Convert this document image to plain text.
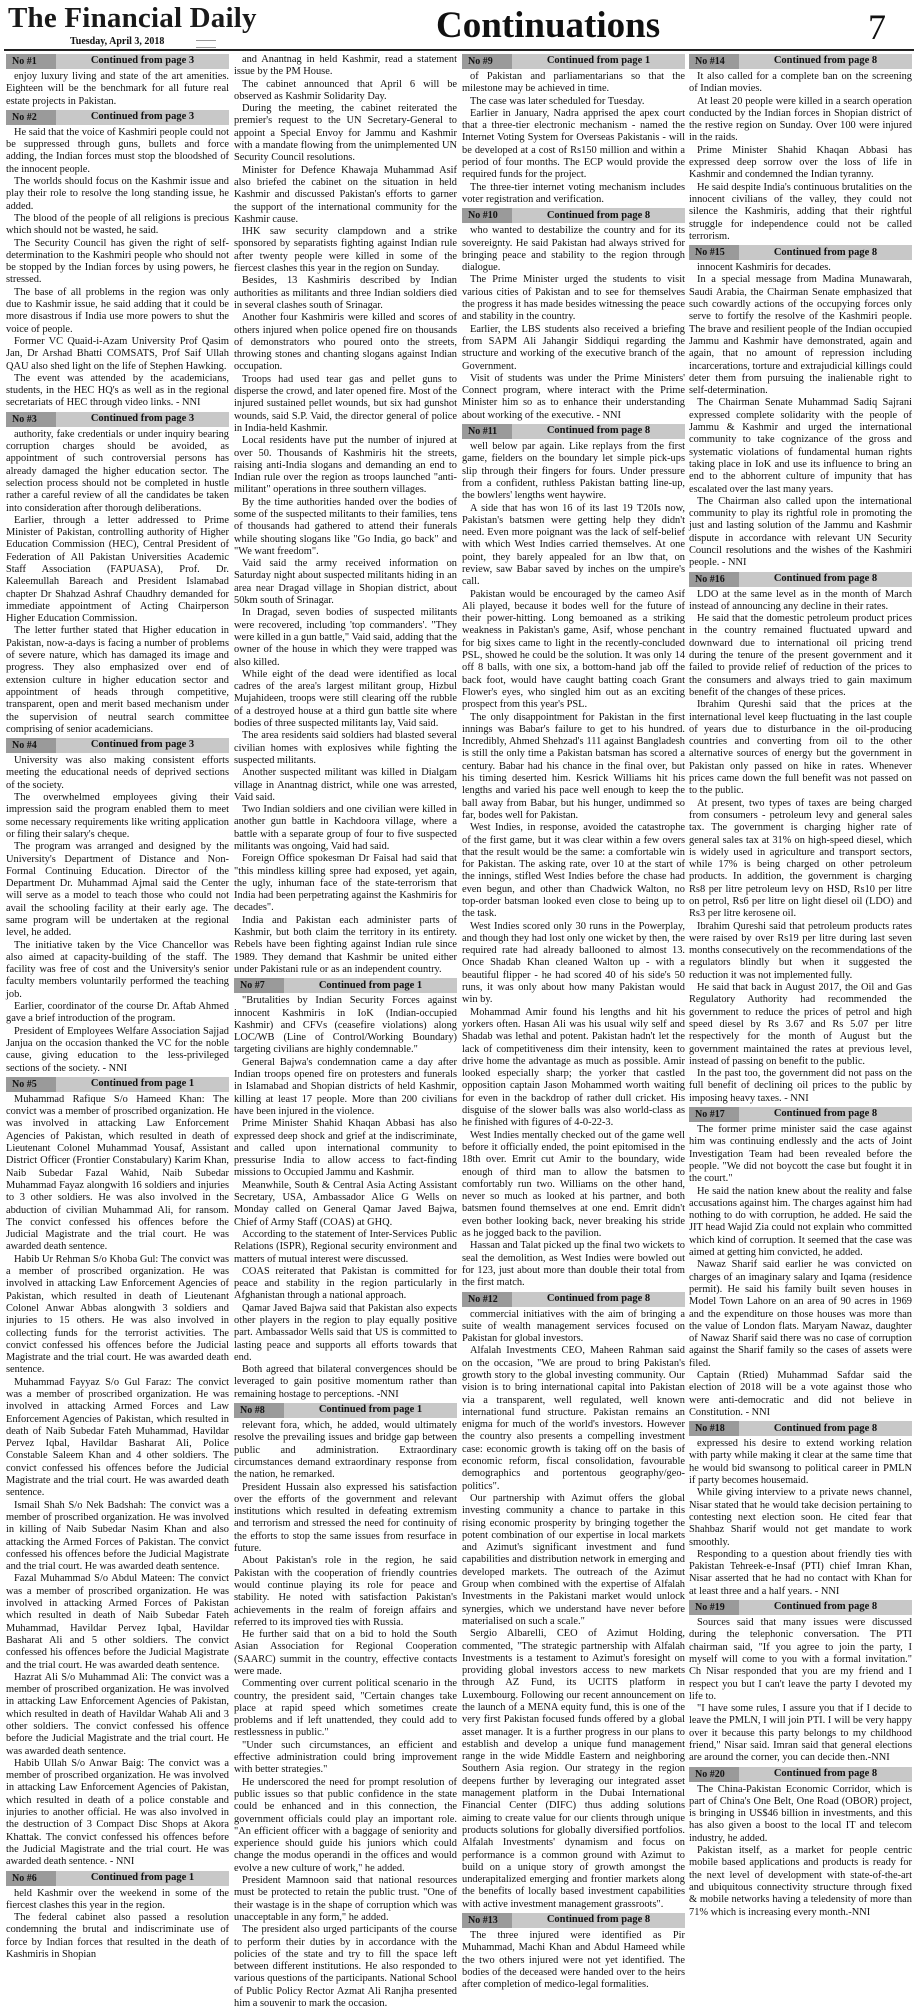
The Financial Daily
Tuesday, April 3, 2018	Continuations	7
No #1	Continued from page 3

enjoy luxury living and state of the art amenities. Eighteen will be the benchmark for all future real estate projects in Pakistan.

No #2	Continued from page 3

He said that the voice of Kashmiri people could not be suppressed through guns, bullets and force adding, the Indian forces must stop the bloodshed of the innocent people.

The worlds should focus on the Kashmir issue and play their role to resolve the long standing issue, he added.

The blood of the people of all religions is precious which should not be wasted, he said.

The Security Council has given the right of self-determination to the Kashmiri people who should not be stopped by the Indian forces by using powers, he stressed.

The base of all problems in the region was only due to Kashmir issue, he said adding that it could be more disastrous if India use more powers to shut the voice of people.

Former VC Quaid-i-Azam University Prof Qasim Jan, Dr Arshad Bhatti COMSATS, Prof Saif Ullah QAU also shed light on the life of Stephen Hawking.

The event was attended by the academicians, students, in the HEC HQ's as well as in the regional secretariats of HEC through video links. - NNI

No #3	Continued from page 3

authority, fake credentials or under inquiry bearing corruption charges should be avoided, as appointment of such controversial persons has already damaged the higher education sector. The selection process should not be completed in hustle rather a careful review of all the candidates be taken into consideration after thorough deliberations.

Earlier, through a letter addressed to Prime Minister of Pakistan, controlling authority of Higher Education Commission (HEC), Central President of Federation of All Pakistan Universities Academic Staff Association (FAPUASA), Prof. Dr. Kaleemullah Bareach and President Islamabad chapter Dr Shahzad Ashraf Chaudhry demanded for immediate appointment of Acting Chairperson Higher Education Commission.

The letter further stated that Higher education in Pakistan, now-a-days is facing a number of problems of severe nature, which has damaged its image and progress. They also emphasized over end of extension culture in higher education sector and appointment of heads through competitive, transparent, open and merit based mechanism under the supervision of neutral search committee comprising of senior academicians.

No #4	Continued from page 3

University was also making consistent efforts meeting the educational needs of deprived sections of the society.

The overwhelmed employees giving their impression said the program enabled them to meet some necessary requirements like writing application or filing their salary's cheque.

The program was arranged and designed by the University's Department of Distance and Non-Formal Continuing Education. Director of the Department Dr. Muhammad Ajmal said the Center will serve as a model to teach those who could not avail the schooling facility at their early age. The same program will be undertaken at the regional level, he added.

The initiative taken by the Vice Chancellor was also aimed at capacity-building of the staff. The facility was free of cost and the University's senior faculty members voluntarily performed the teaching job.

Earlier, coordinator of the course Dr. Aftab Ahmed gave a brief introduction of the program.

President of Employees Welfare Association Sajjad Janjua on the occasion thanked the VC for the noble cause, giving education to the less-privileged sections of the society. - NNI

No #5	Continued from page 1

Muhammad Rafique S/o Hameed Khan: The convict was a member of proscribed organization. He was involved in attacking Law Enforcement Agencies of Pakistan, which resulted in death of Lieutenant Colonel Muhammad Yousaf, Assistant District Officer (Frontier Constabulary) Karim Khan, Naib Subedar Fazal Wahid, Naib Subedar Muhammad Fayaz alongwith 16 soldiers and injuries to 3 other soldiers. He was also involved in the abduction of civilian Muhammad Ali, for ransom. The convict confessed his offences before the Judicial Magistrate and the trial court. He was awarded death sentence.

Habib Ur Rehman S/o Khoba Gul: The convict was a member of proscribed organization. He was involved in attacking Law Enforcement Agencies of Pakistan, which resulted in death of Lieutenant Colonel Anwar Abbas alongwith 3 soldiers and injuries to 15 others. He was also involved in collecting funds for the terrorist activities. The convict confessed his offences before the Judicial Magistrate and the trial court. He was awarded death sentence.

Muhammad Fayyaz S/o Gul Faraz: The convict was a member of proscribed organization. He was involved in attacking Armed Forces and Law Enforcement Agencies of Pakistan, which resulted in death of Naib Subedar Fateh Muhammad, Havildar Pervez Iqbal, Havildar Basharat Ali, Police Constable Saleem Khan and 4 other soldiers. The convict confessed his offences before the Judicial Magistrate and the trial court. He was awarded death sentence.

Ismail Shah S/o Nek Badshah: The convict was a member of proscribed organization. He was involved in killing of Naib Subedar Nasim Khan and also attacking the Armed Forces of Pakistan. The convict confessed his offences before the Judicial Magistrate and the trial court. He was awarded death sentence.

Fazal Muhammad S/o Abdul Mateen: The convict was a member of proscribed organization. He was involved in attacking Armed Forces of Pakistan which resulted in death of Naib Subedar Fateh Muhammad, Havildar Pervez Iqbal, Havildar Basharat Ali and 5 other soldiers. The convict confessed his offences before the Judicial Magistrate and the trial court. He was awarded death sentence.

Hazrat Ali S/o Muhammad Ali: The convict was a member of proscribed organization. He was involved in attacking Law Enforcement Agencies of Pakistan, which resulted in death of Havildar Wahab Ali and 3 other soldiers. The convict confessed his offence before the Judicial Magistrate and the trial court. He was awarded death sentence.

Habib Ullah S/o Anwar Baig: The convict was a member of proscribed organization. He was involved in attacking Law Enforcement Agencies of Pakistan, which resulted in death of a police constable and injuries to another official. He was also involved in the destruction of 3 Compact Disc Shops at Akora Khattak. The convict confessed his offences before the Judicial Magistrate and the trial court. He was awarded death sentence. - NNI

No #6	Continued from page 1

held Kashmir over the weekend in some of the fiercest clashes this year in the region.

The federal cabinet also passed a resolution condemning the brutal and indiscriminate use of force by Indian forces that resulted in the death of Kashmiris in Shopian

and Anantnag in held Kashmir, read a statement issue by the PM House.

The cabinet announced that April 6 will be observed as Kashmir Solidarity Day.

During the meeting, the cabinet reiterated the premier's request to the UN Secretary-General to appoint a Special Envoy for Jammu and Kashmir with a mandate flowing from the unimplemented UN Security Council resolutions.

Minister for Defence Khawaja Muhammad Asif also briefed the cabinet on the situation in held Kashmir and discussed Pakistan's efforts to garner the support of the international community for the Kashmir cause.

IHK saw security clampdown and a strike sponsored by separatists fighting against Indian rule after twenty people were killed in some of the fiercest clashes this year in the region on Sunday.

Besides, 13 Kashmiris described by Indian authorities as militants and three Indian soldiers died in several clashes south of Srinagar.

Another four Kashmiris were killed and scores of others injured when police opened fire on thousands of demonstrators who poured onto the streets, throwing stones and chanting slogans against Indian occupation.

Troops had used tear gas and pellet guns to disperse the crowd, and later opened fire. Most of the injured sustained pellet wounds, but six had gunshot wounds, said S.P. Vaid, the director general of police in India-held Kashmir.

Local residents have put the number of injured at over 50. Thousands of Kashmiris hit the streets, raising anti-India slogans and demanding an end to Indian rule over the region as troops launched "anti-militant" operations in three southern villages.

By the time authorities handed over the bodies of some of the suspected militants to their families, tens of thousands had gathered to attend their funerals while shouting slogans like "Go India, go back" and "We want freedom".

Vaid said the army received information on Saturday night about suspected militants hiding in an area near Dragad village in Shopian district, about 50km south of Srinagar.

In Dragad, seven bodies of suspected militants were recovered, including 'top commanders'. "They were killed in a gun battle," Vaid said, adding that the owner of the house in which they were trapped was also killed.

While eight of the dead were identified as local cadres of the area's largest militant group, Hizbul Mujahideen, troops were still clearing off the rubble of a destroyed house at a third gun battle site where bodies of three suspected militants lay, Vaid said.

The area residents said soldiers had blasted several civilian homes with explosives while fighting the suspected militants.

Another suspected militant was killed in Dialgam village in Anantnag district, while one was arrested, Vaid said.

Two Indian soldiers and one civilian were killed in another gun battle in Kachdoora village, where a battle with a separate group of four to five suspected militants was ongoing, Vaid had said.

Foreign Office spokesman Dr Faisal had said that "this mindless killing spree had exposed, yet again, the ugly, inhuman face of the state-terrorism that India had been perpetrating against the Kashmiris for decades".

India and Pakistan each administer parts of Kashmir, but both claim the territory in its entirety. Rebels have been fighting against Indian rule since 1989. They demand that Kashmir be united either under Pakistani rule or as an independent country.

No #7	Continued from page 1

"Brutalities by Indian Security Forces against innocent Kashmiris in IoK (Indian-occupied Kashmir) and CFVs (ceasefire violations) along LOC/WB (Line of Control/Working Boundary) targeting civilians are highly condemnable."

General Bajwa's condemnation came a day after Indian troops opened fire on protesters and funerals in Islamabad and Shopian districts of held Kashmir, killing at least 17 people. More than 200 civilians have been injured in the violence.

Prime Minister Shahid Khaqan Abbasi has also expressed deep shock and grief at the indiscriminate, and called upon international community to pressurise India to allow access to fact-finding missions to Occupied Jammu and Kashmir.

Meanwhile, South & Central Asia Acting Assistant Secretary, USA, Ambassador Alice G Wells on Monday called on General Qamar Javed Bajwa, Chief of Army Staff (COAS) at GHQ.

According to the statement of Inter-Services Public Relations (ISPR), Regional security environment and matters of mutual interest were discussed.

COAS reiterated that Pakistan is committed for peace and stability in the region particularly in Afghanistan through a national approach.

Qamar Javed Bajwa said that Pakistan also expects other players in the region to play equally positive part. Ambassador Wells said that US is committed to lasting peace and supports all efforts towards that end.

Both agreed that bilateral convergences should be leveraged to gain positive momentum rather than remaining hostage to perceptions. -NNI

No #8	Continued from page 1

relevant fora, which, he added, would ultimately resolve the prevailing issues and bridge gap between public and administration. Extraordinary circumstances demand extraordinary response from the nation, he remarked.

President Hussain also expressed his satisfaction over the efforts of the government and relevant institutions which resulted in defeating extremism and terrorism and stressed the need for continuity of the efforts to stop the same issues from resurface in future.

About Pakistan's role in the region, he said Pakistan with the cooperation of friendly countries would continue playing its role for peace and stability. He noted with satisfaction Pakistan's achievements in the realm of foreign affairs and referred to its improved ties with Russia.

He further said that on a bid to hold the South Asian Association for Regional Cooperation (SAARC) summit in the country, effective contacts were made.

Commenting over current political scenario in the country, the president said, "Certain changes take place at rapid speed which sometimes create problems and if left unattended, they could add to restlessness in public."

"Under such circumstances, an efficient and effective administration could bring improvement with better strategies."

He underscored the need for prompt resolution of public issues so that public confidence in the state could be enhanced and in this connection, the government officials could play an important role. "An efficient officer with a baggage of seniority and experience should guide his juniors which could change the modus operandi in the offices and would evolve a new culture of work," he added.

President Mamnoon said that national resources must be protected to retain the public trust. "One of their wastage is in the shape of corruption which was unacceptable in any form," he added.

The president also urged participants of the course to perform their duties by in accordance with the policies of the state and try to fill the space left between different institutions. He also responded to various questions of the participants. National School of Public Policy Rector Azmat Ali Ranjha presented him a souvenir to mark the occasion.

No #9	Continued from page 1

of Pakistan and parliamentarians so that the milestone may be achieved in time.

The case was later scheduled for Tuesday.

Earlier in January, Nadra apprised the apex court that a three-tier electronic mechanism - named the Internet Voting System for Overseas Pakistanis - will be developed at a cost of Rs150 million and within a period of four months. The ECP would provide the required funds for the project.

The three-tier internet voting mechanism includes voter registration and verification.

No #10	Continued from page 8

who wanted to destabilize the country and for its sovereignty. He said Pakistan had always strived for bringing peace and stability to the region through dialogue.

The Prime Minister urged the students to visit various cities of Pakistan and to see for themselves the progress it has made besides witnessing the peace and stability in the country.

Earlier, the LBS students also received a briefing from SAPM Ali Jahangir Siddiqui regarding the structure and working of the executive branch of the Government.

Visit of students was under the Prime Ministers' Connect program, where interact with the Prime Minister him so as to enhance their understanding about working of the executive. - NNI

No #11	Continued from page 8

well below par again. Like replays from the first game, fielders on the boundary let simple pick-ups slip through their fingers for fours. Under pressure from a confident, ruthless Pakistan batting line-up, the bowlers' lengths went haywire.

A side that has won 16 of its last 19 T20Is now, Pakistan's batsmen were getting help they didn't need. Even more poignant was the lack of self-belief with which West Indies carried themselves. At one point, they barely appealed for an lbw that, on review, saw Babar saved by inches on the umpire's call.

Pakistan would be encouraged by the cameo Asif Ali played, because it bodes well for the future of their power-hitting. Long bemoaned as a striking weakness in Pakistan's game, Asif, whose penchant for big sixes came to light in the recently-concluded PSL, showed he could be the solution. It was only 14 off 8 balls, with one six, a bottom-hand jab off the back foot, would have caught batting coach Grant Flower's eyes, who singled him out as an exciting prospect from this year's PSL.

The only disappointment for Pakistan in the first innings was Babar's failure to get to his hundred. Incredibly, Ahmed Shehzad's 111 against Bangladesh is still the only time a Pakistan batsman has scored a century. Babar had his chance in the final over, but his timing deserted him. Kesrick Williams hit his lengths and varied his pace well enough to keep the ball away from Babar, but his hunger, undimmed so far, bodes well for Pakistan.

West Indies, in response, avoided the catastrophe of the first game, but it was clear within a few overs that the result would be the same: a comfortable win for Pakistan. The asking rate, over 10 at the start of the innings, stifled West Indies before the chase had even begun, and other than Chadwick Walton, no top-order batsman looked even close to being up to the task.

West Indies scored only 30 runs in the Powerplay, and though they had lost only one wicket by then, the required rate had already ballooned to almost 13. Once Shadab Khan cleaned Walton up - with a beautiful flipper - he had scored 40 of his side's 50 runs, it was only about how many Pakistan would win by.

Mohammad Amir found his lengths and hit his yorkers often. Hasan Ali was his usual wily self and Shadab was lethal and potent. Pakistan hadn't let the lack of competitiveness dim their intensity, keen to drive home the advantage as much as possible. Amir looked especially sharp; the yorker that castled opposition captain Jason Mohammed worth waiting for even in the backdrop of rather dull cricket. His disguise of the slower balls was also world-class as he finished with figures of 4-0-22-3.

West Indies mentally checked out of the game well before it officially ended, the point epitomised in the 18th over. Emrit cut Amir to the boundary, wide enough of third man to allow the batsmen to comfortably run two. Williams on the other hand, never so much as looked at his partner, and both batsmen found themselves at one end. Emrit didn't even bother looking back, never breaking his stride as he jogged back to the pavilion.

Hassan and Talat picked up the final two wickets to seal the demolition, as West Indies were bowled out for 123, just about more than double their total from the first match.

No #12	Continued from page 8

commercial initiatives with the aim of bringing a suite of wealth management services focused on Pakistan for global investors.

Alfalah Investments CEO, Maheen Rahman said on the occasion, "We are proud to bring Pakistan's growth story to the global investing community. Our vision is to bring international capital into Pakistan via a transparent, well regulated, well known international fund structure. Pakistan remains an enigma for much of the world's investors. However the country also presents a compelling investment case: economic growth is taking off on the basis of economic reform, fiscal consolidation, favourable demographics and portentous geography/geo-politics".

Our partnership with Azimut offers the global investing community a chance to partake in this rising economic prosperity by bringing together the potent combination of our expertise in local markets and Azimut's significant investment and fund capabilities and distribution network in emerging and developed markets. The outreach of the Azimut Group when combined with the expertise of Alfalah Investments in the Pakistani market would unlock synergies, which we understand have never before materialised on such a scale."

Sergio Albarelli, CEO of Azimut Holding, commented, "The strategic partnership with Alfalah Investments is a testament to Azimut's foresight on providing global investors access to new markets through AZ Fund, its UCITS platform in Luxembourg. Following our recent announcement on the launch of a MENA equity fund, this is one of the very first Pakistan focused funds offered by a global asset manager. It is a further progress in our plans to establish and develop a unique fund management range in the wide Middle Eastern and neighboring Southern Asia region. Our strategy in the region deepens further by leveraging our integrated asset management platform in the Dubai International Financial Center (DIFC) thus adding solutions aiming to create value for our clients through unique products solutions for globally diversified portfolios. Alfalah Investments' dynamism and focus on performance is a common ground with Azimut to build on a unique story of growth amongst the underapitalized emerging and frontier markets along the benefits of locally based investment capabilities with active investment management grassroots".

No #13	Continued from page 8

The three injured were identified as Pir Muhammad, Machi Khan and Abdul Hameed while the two others injured were not yet identified. The bodies of the deceased were handed over to the heirs after completion of medico-legal formalities.

No #14	Continued from page 8

It also called for a complete ban on the screening of Indian movies.

At least 20 people were killed in a search operation conducted by the Indian forces in Shopian district of the restive region on Sunday. Over 100 were injured in the raids.

Prime Minister Shahid Khaqan Abbasi has expressed deep sorrow over the loss of life in Kashmir and condemned the Indian tyranny.

He said despite India's continuous brutalities on the innocent civilians of the valley, they could not silence the Kashmiris, adding that their rightful struggle for independence could not be called terrorism.

No #15	Continued from page 8

innocent Kashmiris for decades.

In a special message from Madina Munawarah, Saudi Arabia, the Chairman Senate emphasized that such cowardly actions of the occupying forces only serve to fortify the resolve of the Kashmiri people. The brave and resilient people of the Indian occupied Jammu and Kashmir have demonstrated, again and again, that no amount of repression including incarcerations, torture and extrajudicial killings could deter them from pursuing the inalienable right to self-determination.

The Chairman Senate Muhammad Sadiq Sajrani expressed complete solidarity with the people of Jammu & Kashmir and urged the international community to take cognizance of the gross and systematic violations of fundamental human rights taking place in IoK and use its influence to bring an end to the abhorrent culture of impunity that has escalated over the last many years.

The Chairman also called upon the international community to play its rightful role in promoting the just and lasting solution of the Jammu and Kashmir dispute in accordance with relevant UN Security Council resolutions and the wishes of the Kashmiri people. - NNI

No #16	Continued from page 8

LDO at the same level as in the month of March instead of announcing any decline in their rates.

He said that the domestic petroleum product prices in the country remained fluctuated upward and downward due to international oil pricing trend during the tenure of the present government and it failed to provide relief of reduction of the prices to the consumers and always tried to gain maximum benefit of the changes of these prices.

Ibrahim Qureshi said that the prices at the international level keep fluctuating in the last couple of years due to disturbance in the oil-producing countries and converting from oil to the other alternative sources of energy but the government in Pakistan only passed on hike in rates. Whenever prices came down the full benefit was not passed on to the public.

At present, two types of taxes are being charged from consumers - petroleum levy and general sales tax. The government is charging higher rate of general sales tax at 31% on high-speed diesel, which is widely used in agriculture and transport sectors, while 17% is being charged on other petroleum products. In addition, the government is charging Rs8 per litre petroleum levy on HSD, Rs10 per litre on petrol, Rs6 per litre on light diesel oil (LDO) and Rs3 per litre kerosene oil.

Ibrahim Qureshi said that petroleum products rates were raised by over Rs19 per litre during last seven months consecutively on the recommendations of the regulators blindly but when it suggested the reduction it was not implemented fully.

He said that back in August 2017, the Oil and Gas Regulatory Authority had recommended the government to reduce the prices of petrol and high speed diesel by Rs 3.67 and Rs 5.07 per litre respectively for the month of August but the government maintained the rates at previous level, instead of passing on benefit to the public.

In the past too, the government did not pass on the full benefit of declining oil prices to the public by imposing heavy taxes. - NNI

No #17	Continued from page 8

The former prime minister said the case against him was continuing endlessly and the acts of Joint Investigation Team had been revealed before the people. "We did not boycott the case but fought it in the court."

He said the nation knew about the reality and false accusations against him. The charges against him had nothing to do with corruption, he added. He said the JIT head Wajid Zia could not explain who committed which kind of corruption. It seemed that the case was aimed at getting him convicted, he added.

Nawaz Sharif said earlier he was convicted on charges of an imaginary salary and Iqama (residence permit). He said his family built seven houses in Model Town Lahore on an area of 90 acres in 1969 and the expenditure on those houses was more than the value of London flats. Maryam Nawaz, daughter of Nawaz Sharif said there was no case of corruption against the Sharif family so the cases of assets were filed.

Captain (Rtied) Muhammad Safdar said the election of 2018 will be a vote against those who were anti-democratic and did not believe in Constitution. - NNI

No #18	Continued from page 8

expressed his desire to extend working relation with party while making it clear at the same time that he would bid swansong to political career in PMLN if party becomes housemaid.

While giving interview to a private news channel, Nisar stated that he would take decision pertaining to contesting next election soon. He cited fear that Shahbaz Sharif would not get mandate to work smoothly.

Responding to a question about friendly ties with Pakistan Tehreek-e-Insaf (PTI) chief Imran Khan, Nisar asserted that he had no contact with Khan for at least three and a half years. - NNI

No #19	Continued from page 8

Sources said that many issues were discussed during the telephonic conversation. The PTI chairman said, "If you agree to join the party, I myself will come to you with a formal invitation." Ch Nisar responded that you are my friend and I respect you but I can't leave the party I devoted my life to.

"I have some rules, I assure you that if I decide to leave the PMLN, I will join PTI. I will be very happy over it because this party belongs to my childhood friend," Nisar said. Imran said that general elections are around the corner, you can decide then.-NNI

No #20	Continued from page 8

The China-Pakistan Economic Corridor, which is part of China's One Belt, One Road (OBOR) project, is bringing in US$46 billion in investments, and this has also given a boost to the local IT and telecom industry, he added.

Pakistan itself, as a market for people centric mobile based applications and products is ready for the next level of development with state-of-the-art and ubiquitous connectivity structure through fixed & mobile networks having a teledensity of more than 71% which is increasing every month.-NNI
